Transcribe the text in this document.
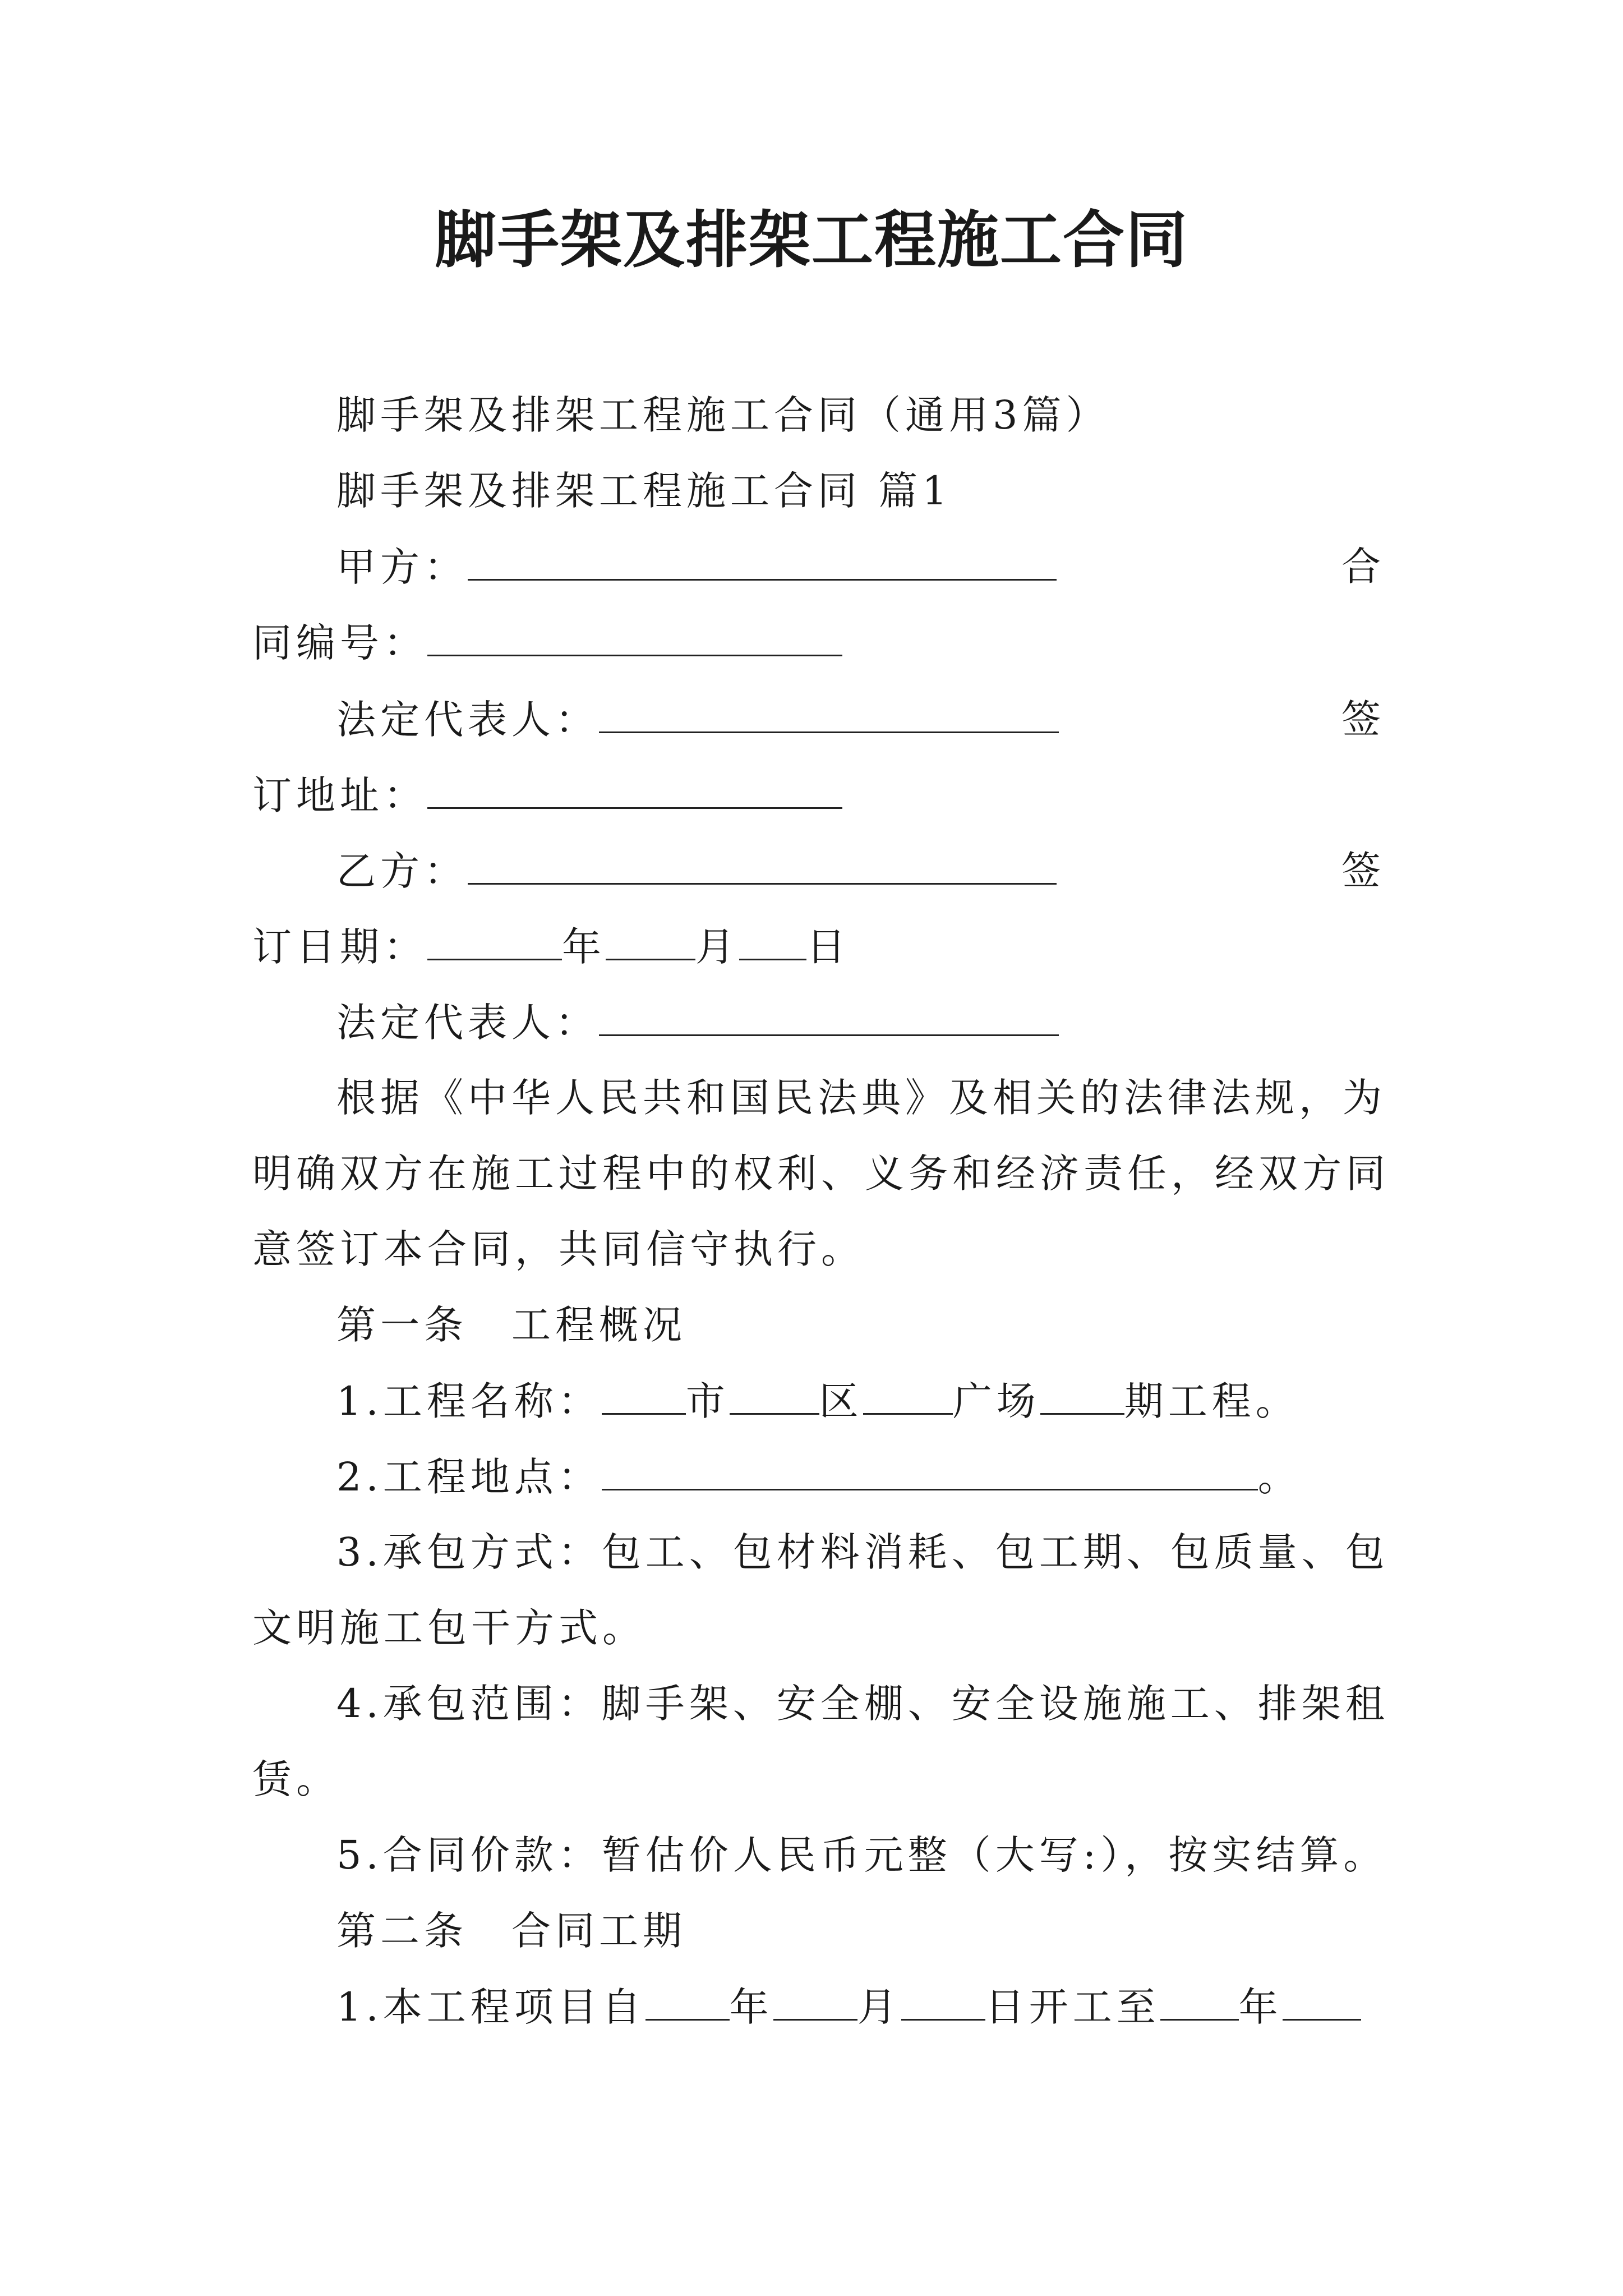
脚手架及排架工程施工合同
脚手架及排架工程施工合同（通用3篇）
脚手架及排架工程施工合同 篇1
甲方：	合
同编号：
法定代表人：	签
订地址：
乙方：	签
订日期：	年 月 日
法定代表人：
根据《中华人民共和国民法典》及相关的法律法规，为
明确双方在施工过程中的权利、义务和经济责任，经双方同
意签订本合同，共同信守执行。
第一条　工程概况
1.工程名称： 市 区 广场 期工程。
2.工程地点：	。
3.承包方式：包工、包材料消耗、包工期、包质量、包
文明施工包干方式。
4.承包范围：脚手架、安全棚、安全设施施工、排架租
赁。
5.合同价款：暂估价人民币元整（大写:），按实结算。
第二条　合同工期
1.本工程项目自 年 月 日开工至 年
